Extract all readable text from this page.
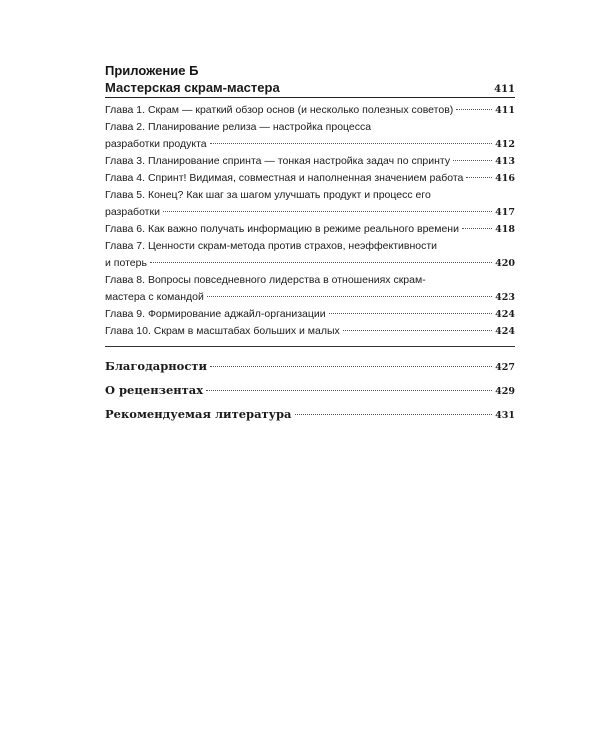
Приложение Б

Мастерская скрам-мастера	411
Глава 1. Скрам — краткий обзор основ (и несколько полезных советов)	411
Глава 2. Планирование релиза — настройка процесса
разработки продукта	412
Глава 3. Планирование спринта — тонкая настройка задач по спринту	413
Глава 4. Спринт! Видимая, совместная и наполненная значением работа	416
Глава 5. Конец? Как шаг за шагом улучшать продукт и процесс его
разработки	417
Глава 6. Как важно получать информацию в режиме реального времени	418
Глава 7. Ценности скрам-метода против страхов, неэффективности
и потерь	420
Глава 8. Вопросы повседневного лидерства в отношениях скрам-
мастера с командой	423
Глава 9. Формирование аджайл-организации	424
Глава 10. Скрам в масштабах больших и малых	424
Благодарности	427
О рецензентах	429
Рекомендуемая литература	431
